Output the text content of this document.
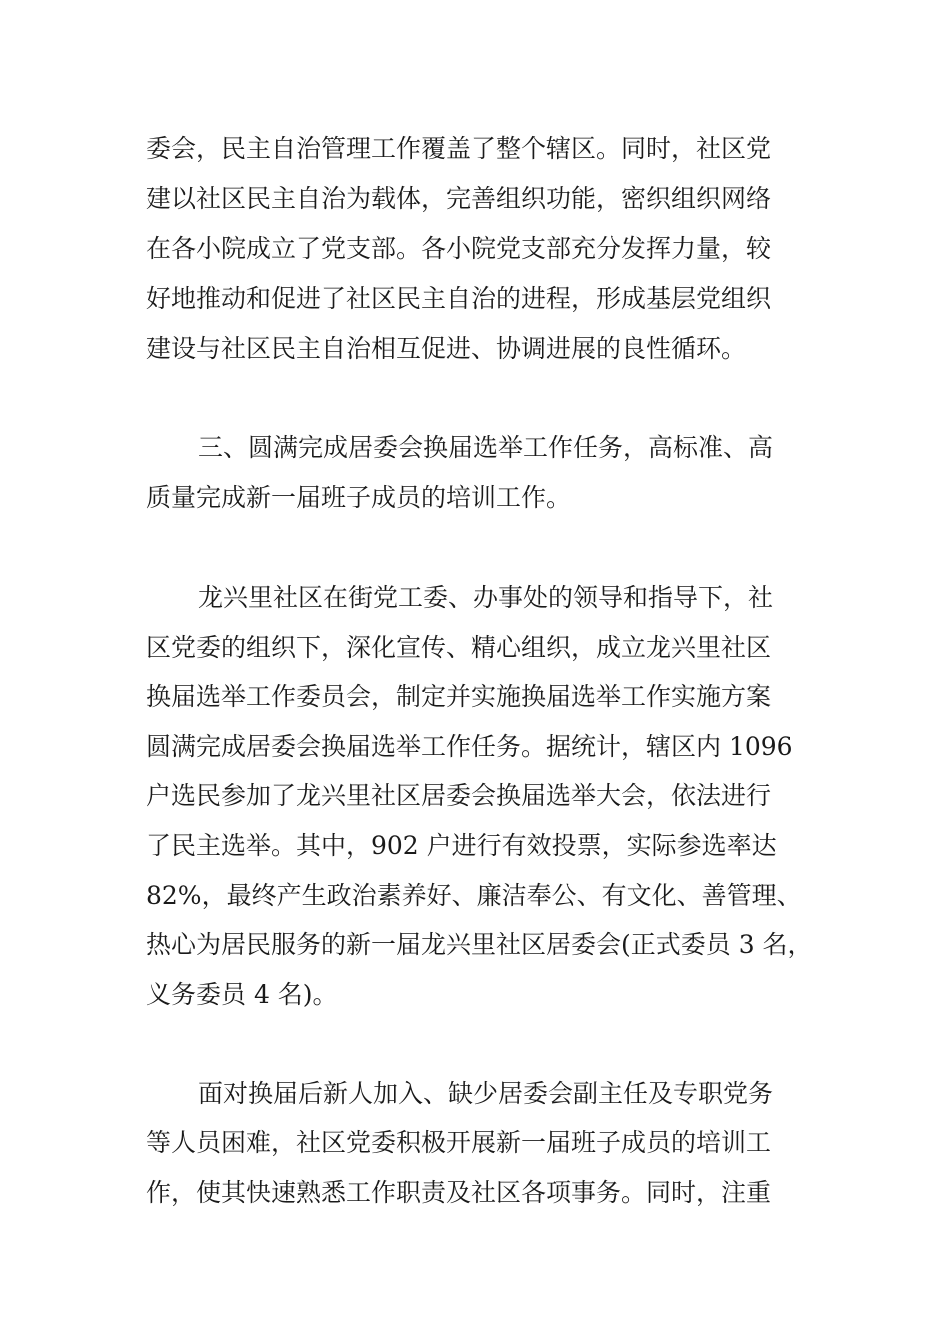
委会，民主自治管理工作覆盖了整个辖区。同时，社区党
建以社区民主自治为载体，完善组织功能，密织组织网络
在各小院成立了党支部。各小院党支部充分发挥力量，较
好地推动和促进了社区民主自治的进程，形成基层党组织
建设与社区民主自治相互促进、协调进展的良性循环。
三、圆满完成居委会换届选举工作任务，高标准、高
质量完成新一届班子成员的培训工作。
龙兴里社区在街党工委、办事处的领导和指导下，社
区党委的组织下，深化宣传、精心组织，成立龙兴里社区
换届选举工作委员会，制定并实施换届选举工作实施方案
圆满完成居委会换届选举工作任务。据统计，辖区内 1096
户选民参加了龙兴里社区居委会换届选举大会，依法进行
了民主选举。其中，902 户进行有效投票，实际参选率达
82%，最终产生政治素养好、廉洁奉公、有文化、善管理、
热心为居民服务的新一届龙兴里社区居委会(正式委员 3 名，
义务委员 4 名)。
面对换届后新人加入、缺少居委会副主任及专职党务
等人员困难，社区党委积极开展新一届班子成员的培训工
作，使其快速熟悉工作职责及社区各项事务。同时，注重
